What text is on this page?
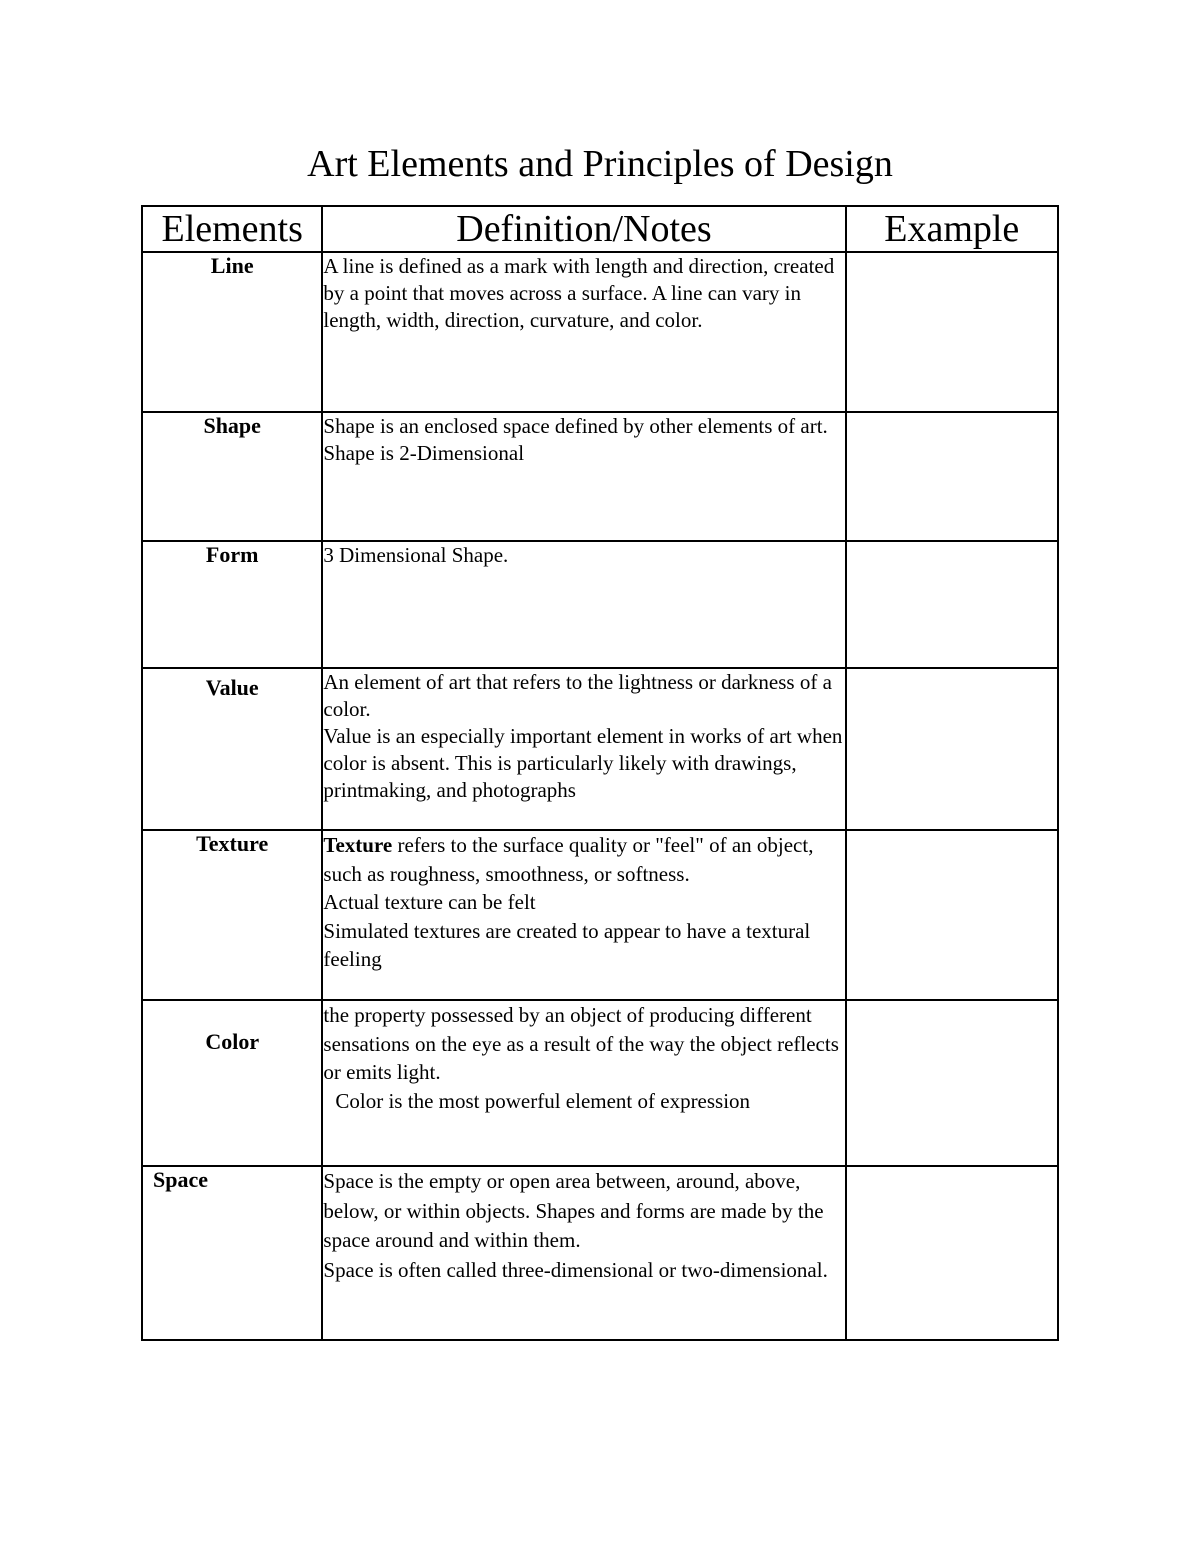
Art Elements and Principles of Design
Elements	Definition/Notes	Example
Line	A line is defined as a mark with length and direction, created by a point that moves across a surface. A line can vary in length, width, direction, curvature, and color.	

Shape	Shape is an enclosed space defined by other elements of art. Shape is 2-Dimensional	

Form	3 Dimensional Shape.	

Value	An element of art that refers to the lightness or darkness of a color.
Value is an especially important element in works of art when color is absent. This is particularly likely with drawings, printmaking, and photographs	

Texture	Texture refers to the surface quality or "feel" of an object, such as roughness, smoothness, or softness.
Actual texture can be felt
Simulated textures are created to appear to have a textural feeling	

Color	the property possessed by an object of producing different sensations on the eye as a result of the way the object reflects or emits light.
Color is the most powerful element of expression	

Space	Space is the empty or open area between, around, above, below, or within objects. Shapes and forms are made by the space around and within them.
Space is often called three-dimensional or two-dimensional.	
